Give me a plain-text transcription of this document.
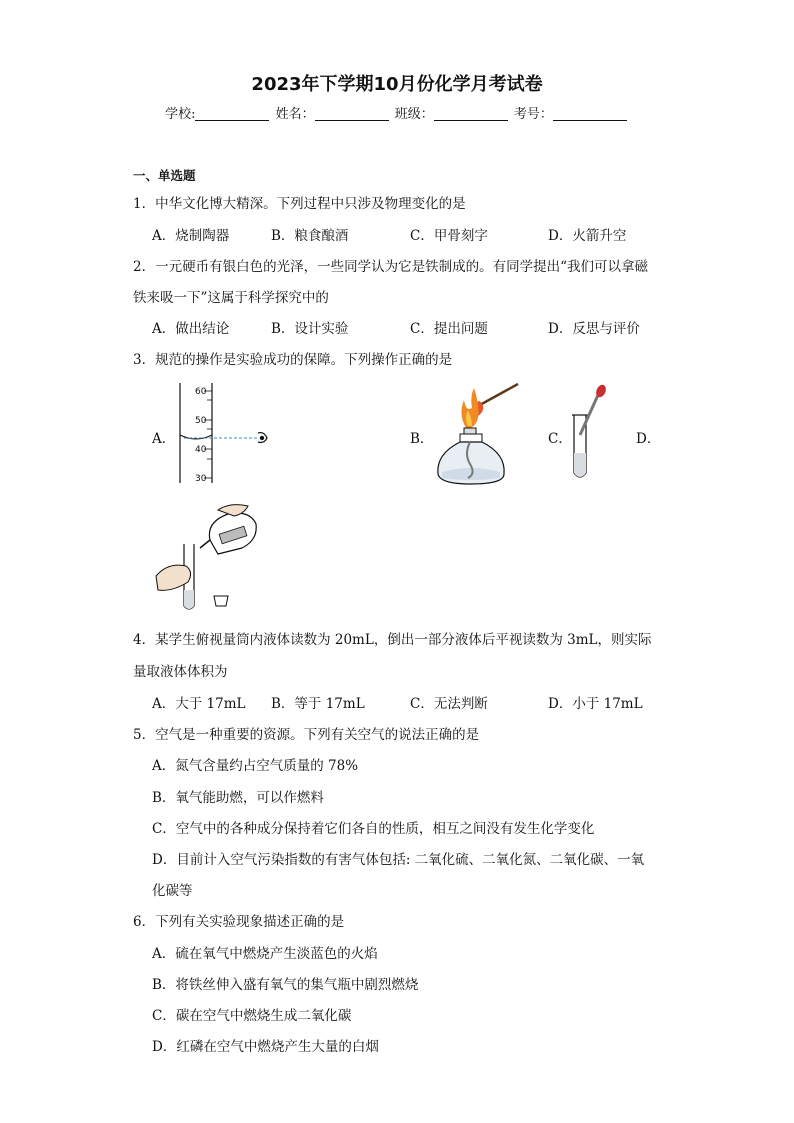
2023年下学期10月份化学月考试卷
学校:	姓名：	班级：	考号：
一、单选题
1．中华文化博大精深。下列过程中只涉及物理变化的是
A．烧制陶器	B．粮食酿酒	C．甲骨刻字	D．火箭升空
2．一元硬币有银白色的光泽，一些同学认为它是铁制成的。有同学提出“我们可以拿磁
铁来吸一下”这属于科学探究中的
A．做出结论	B．设计实验	C．提出问题	D．反思与评价
3．规范的操作是实验成功的保障。下列操作正确的是
A．
60
50
40
30
B．	C．	D．
4．某学生俯视量筒内液体读数为 20mL，倒出一部分液体后平视读数为 3mL，则实际
量取液体体积为
A．大于 17mL B．等于 17mL	C．无法判断	D．小于 17mL
5．空气是一种重要的资源。下列有关空气的说法正确的是
A．氮气含量约占空气质量的 78%
B．氧气能助燃，可以作燃料
C．空气中的各种成分保持着它们各自的性质，相互之间没有发生化学变化
D．目前计入空气污染指数的有害气体包括: 二氧化硫、二氧化氮、二氧化碳、一氧
化碳等
6．下列有关实验现象描述正确的是
A．硫在氧气中燃烧产生淡蓝色的火焰
B．将铁丝伸入盛有氧气的集气瓶中剧烈燃烧
C．碳在空气中燃烧生成二氧化碳
D．红磷在空气中燃烧产生大量的白烟
